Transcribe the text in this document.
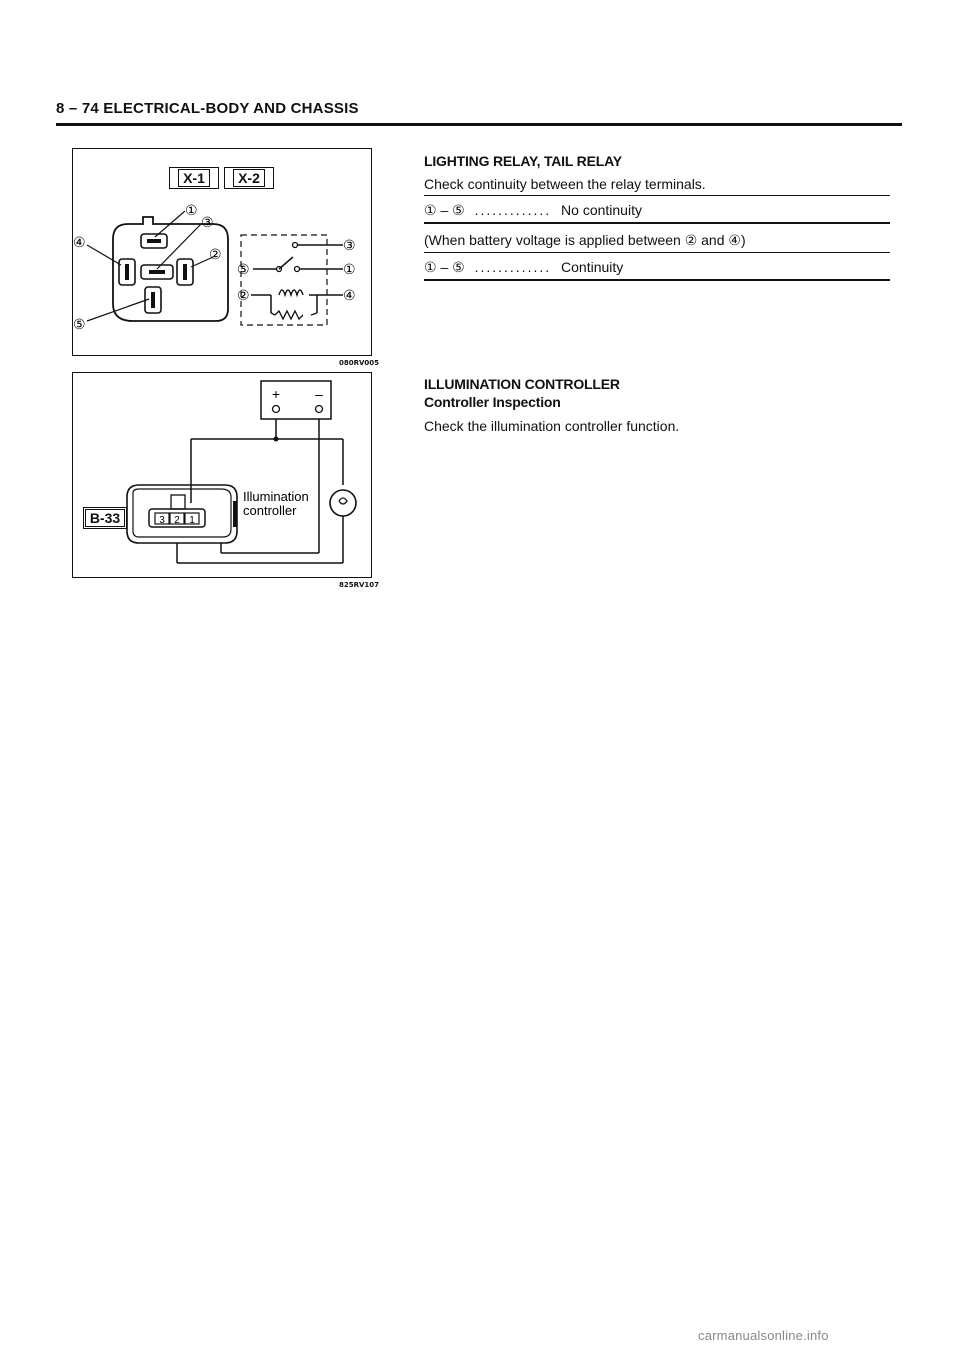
8 – 74 ELECTRICAL-BODY AND CHASSIS
X-1	X-2
①
③
④
②
⑤
③
⑤	①
②	④
080RV005
B-33
+	–
3 2 1
Illumination
controller
825RV107
LIGHTING RELAY, TAIL RELAY
Check continuity between the relay terminals.
① – ⑤ ............. No continuity
(When battery voltage is applied between ② and ④)
① – ⑤ ............. Continuity
ILLUMINATION CONTROLLER
Controller Inspection
Check the illumination controller function.
carmanualsonline.info
